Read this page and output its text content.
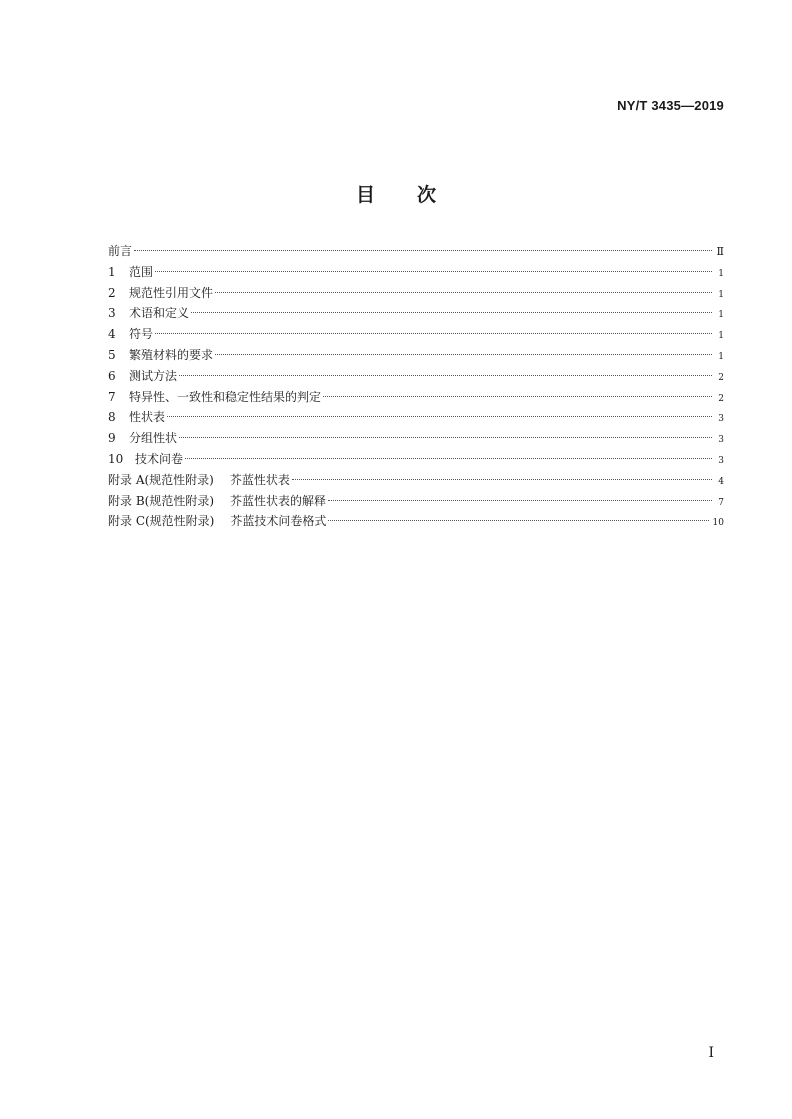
NY/T 3435—2019
目 次
前言	Ⅱ
1	范围	1
2	规范性引用文件	1
3	术语和定义	1
4	符号	1
5	繁殖材料的要求	1
6	测试方法	2
7	特异性、一致性和稳定性结果的判定	2
8	性状表	3
9	分组性状	3
10 技术问卷	3
附录 A(规范性附录) 芥蓝性状表	4
附录 B(规范性附录) 芥蓝性状表的解释	7
附录 C(规范性附录) 芥蓝技术问卷格式	10
I
